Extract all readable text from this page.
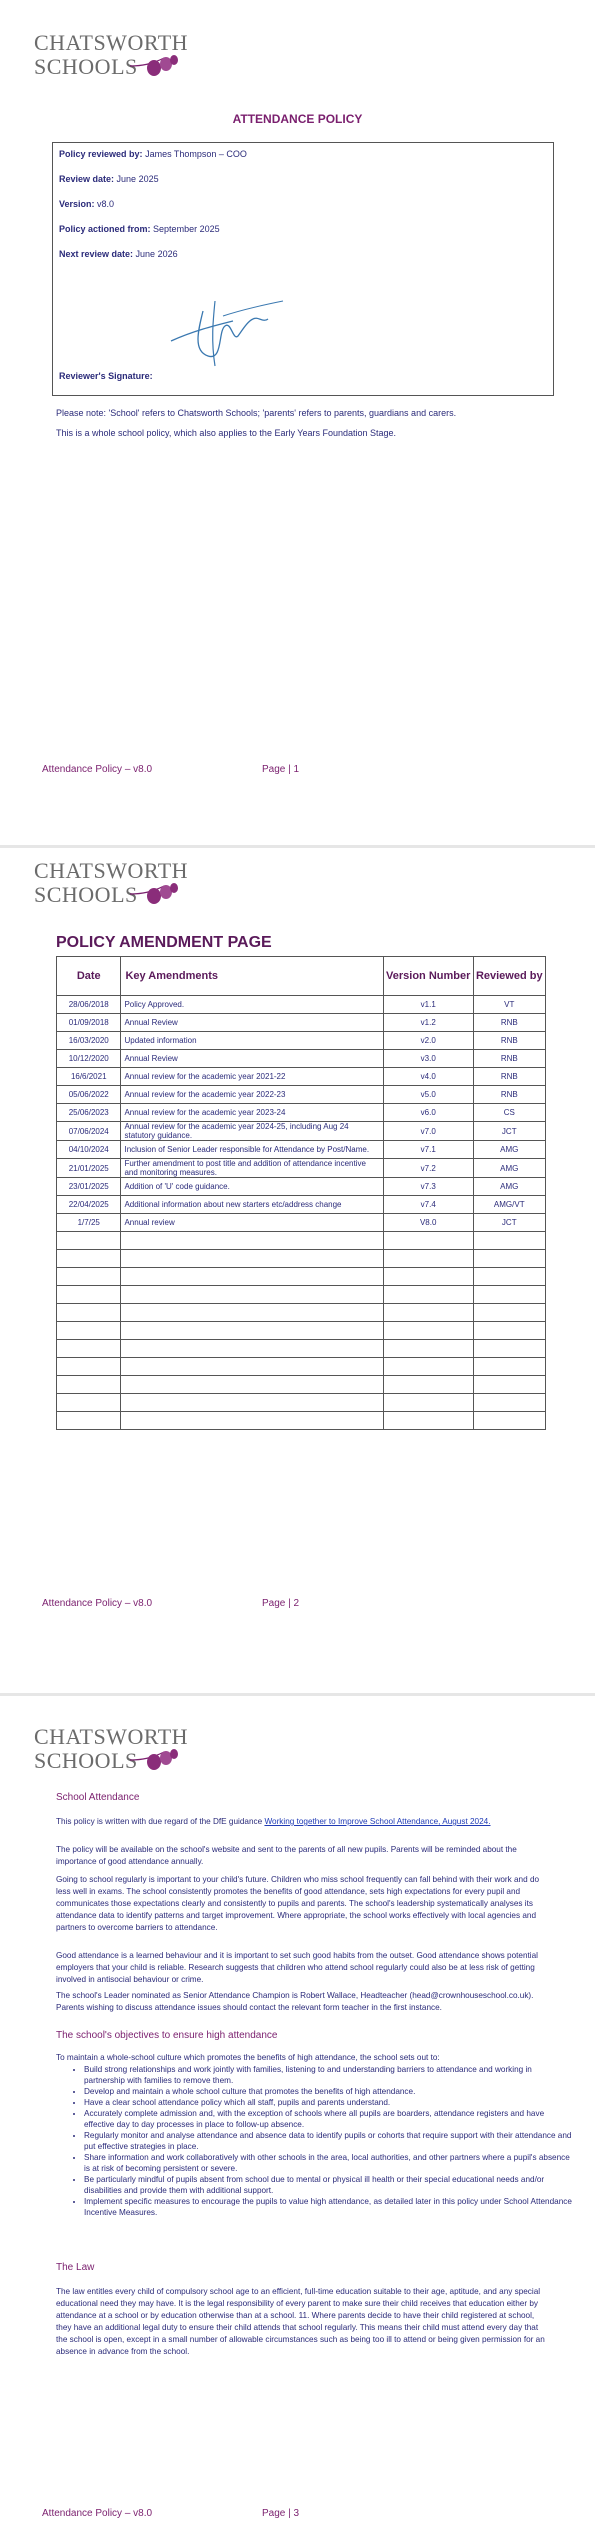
CHATSWORTH
SCHOOLS
ATTENDANCE POLICY
Policy reviewed by: James Thompson – COO
Review date: June 2025
Version: v8.0
Policy actioned from: September 2025
Next review date: June 2026
Reviewer's Signature:
Please note: 'School' refers to Chatsworth Schools; 'parents' refers to parents, guardians and carers.
This is a whole school policy, which also applies to the Early Years Foundation Stage.
Attendance Policy – v8.0	Page | 1
CHATSWORTH
SCHOOLS
POLICY AMENDMENT PAGE
Date	Key Amendments	Version Number	Reviewed by
28/06/2018	Policy Approved.	v1.1	VT
01/09/2018	Annual Review	v1.2	RNB
16/03/2020	Updated information	v2.0	RNB
10/12/2020	Annual Review	v3.0	RNB
16/6/2021	Annual review for the academic year 2021-22	v4.0	RNB
05/06/2022	Annual review for the academic year 2022-23	v5.0	RNB
25/06/2023	Annual review for the academic year 2023-24	v6.0	CS
07/06/2024	Annual review for the academic year 2024-25, including Aug 24 statutory guidance.	v7.0	JCT
04/10/2024	Inclusion of Senior Leader responsible for Attendance by Post/Name.	v7.1	AMG
21/01/2025	Further amendment to post title and addition of attendance incentive and monitoring measures.	v7.2	AMG
23/01/2025	Addition of 'U' code guidance.	v7.3	AMG
22/04/2025	Additional information about new starters etc/address change	v7.4	AMG/VT
1/7/25	Annual review	V8.0	JCT

Attendance Policy – v8.0	Page | 2
CHATSWORTH
SCHOOLS
School Attendance
This policy is written with due regard of the DfE guidance Working together to Improve School Attendance, August 2024.
The policy will be available on the school's website and sent to the parents of all new pupils. Parents will be reminded about the importance of good attendance annually.
Going to school regularly is important to your child's future. Children who miss school frequently can fall behind with their work and do less well in exams. The school consistently promotes the benefits of good attendance, sets high expectations for every pupil and communicates those expectations clearly and consistently to pupils and parents. The school's leadership systematically analyses its attendance data to identify patterns and target improvement. Where appropriate, the school works effectively with local agencies and partners to overcome barriers to attendance.
Good attendance is a learned behaviour and it is important to set such good habits from the outset. Good attendance shows potential employers that your child is reliable. Research suggests that children who attend school regularly could also be at less risk of getting involved in antisocial behaviour or crime.
The school's Leader nominated as Senior Attendance Champion is Robert Wallace, Headteacher (head@crownhouseschool.co.uk). Parents wishing to discuss attendance issues should contact the relevant form teacher in the first instance.
The school's objectives to ensure high attendance
To maintain a whole-school culture which promotes the benefits of high attendance, the school sets out to:
• Build strong relationships and work jointly with families, listening to and understanding barriers to attendance and working in partnership with families to remove them.
• Develop and maintain a whole school culture that promotes the benefits of high attendance.
• Have a clear school attendance policy which all staff, pupils and parents understand.
• Accurately complete admission and, with the exception of schools where all pupils are boarders, attendance registers and have effective day to day processes in place to follow-up absence.
• Regularly monitor and analyse attendance and absence data to identify pupils or cohorts that require support with their attendance and put effective strategies in place.
• Share information and work collaboratively with other schools in the area, local authorities, and other partners where a pupil's absence is at risk of becoming persistent or severe.
• Be particularly mindful of pupils absent from school due to mental or physical ill health or their special educational needs and/or disabilities and provide them with additional support.
• Implement specific measures to encourage the pupils to value high attendance, as detailed later in this policy under School Attendance Incentive Measures.
The Law
The law entitles every child of compulsory school age to an efficient, full-time education suitable to their age, aptitude, and any special educational need they may have. It is the legal responsibility of every parent to make sure their child receives that education either by attendance at a school or by education otherwise than at a school. 11. Where parents decide to have their child registered at school, they have an additional legal duty to ensure their child attends that school regularly. This means their child must attend every day that the school is open, except in a small number of allowable circumstances such as being too ill to attend or being given permission for an absence in advance from the school.
Attendance Policy – v8.0	Page | 3
